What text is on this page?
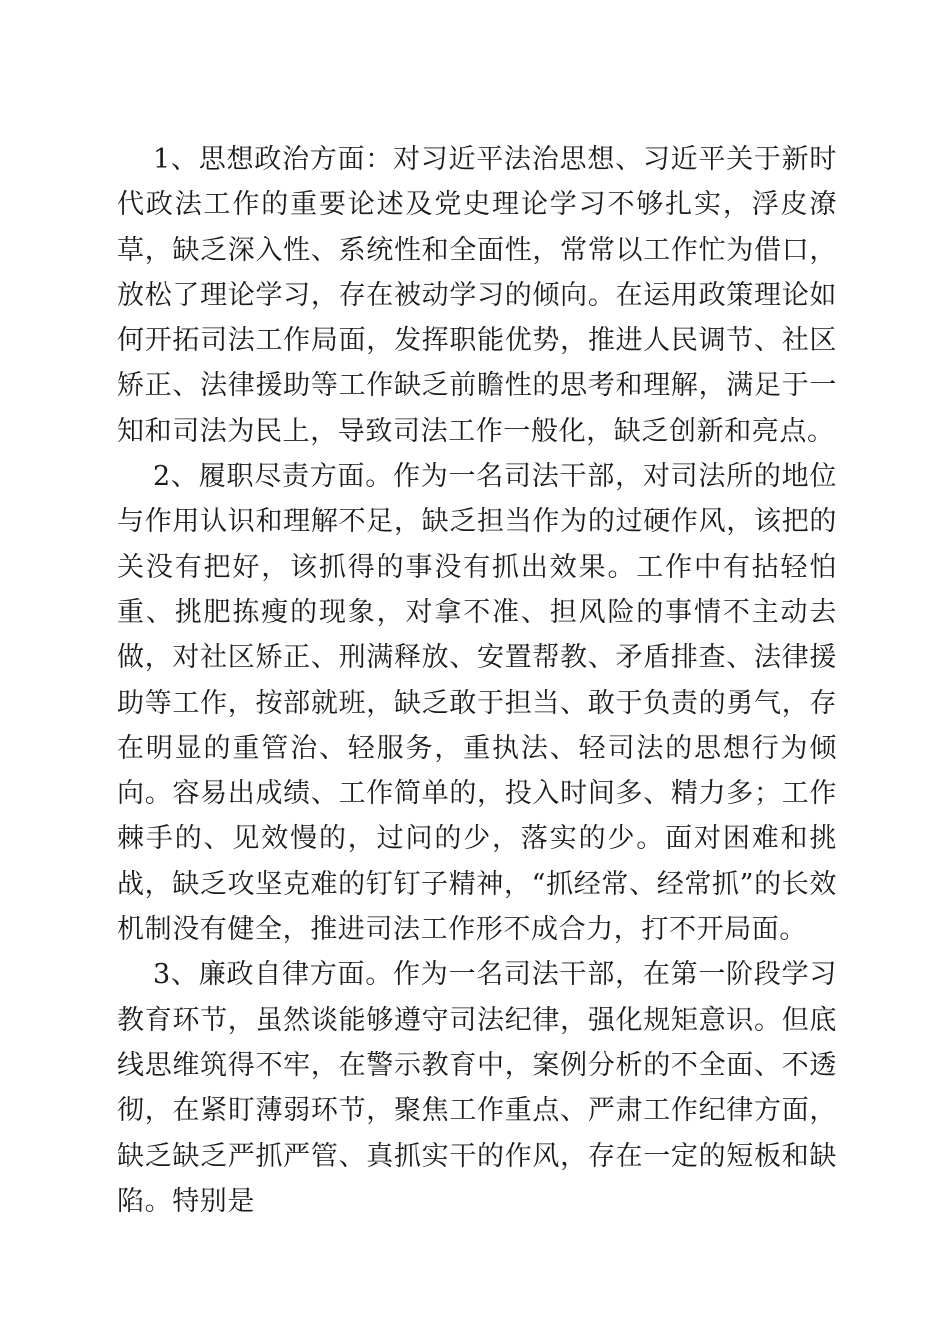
1、思想政治方面：对习近平法治思想、习近平关于新时代政法工作的重要论述及党史理论学习不够扎实，浮皮潦草，缺乏深入性、系统性和全面性，常常以工作忙为借口，放松了理论学习，存在被动学习的倾向。在运用政策理论如何开拓司法工作局面，发挥职能优势，推进人民调节、社区矫正、法律援助等工作缺乏前瞻性的思考和理解，满足于一知和司法为民上，导致司法工作一般化，缺乏创新和亮点。

2、履职尽责方面。作为一名司法干部，对司法所的地位与作用认识和理解不足，缺乏担当作为的过硬作风，该把的关没有把好，该抓得的事没有抓出效果。工作中有拈轻怕重、挑肥拣瘦的现象，对拿不准、担风险的事情不主动去做，对社区矫正、刑满释放、安置帮教、矛盾排查、法律援助等工作，按部就班，缺乏敢于担当、敢于负责的勇气，存在明显的重管治、轻服务，重执法、轻司法的思想行为倾向。容易出成绩、工作简单的，投入时间多、精力多；工作棘手的、见效慢的，过问的少，落实的少。面对困难和挑战，缺乏攻坚克难的钉钉子精神，“抓经常、经常抓”的长效机制没有健全，推进司法工作形不成合力，打不开局面。

3、廉政自律方面。作为一名司法干部，在第一阶段学习教育环节，虽然谈能够遵守司法纪律，强化规矩意识。但底线思维筑得不牢，在警示教育中，案例分析的不全面、不透彻，在紧盯薄弱环节，聚焦工作重点、严肃工作纪律方面，缺乏缺乏严抓严管、真抓实干的作风，存在一定的短板和缺陷。特别是
